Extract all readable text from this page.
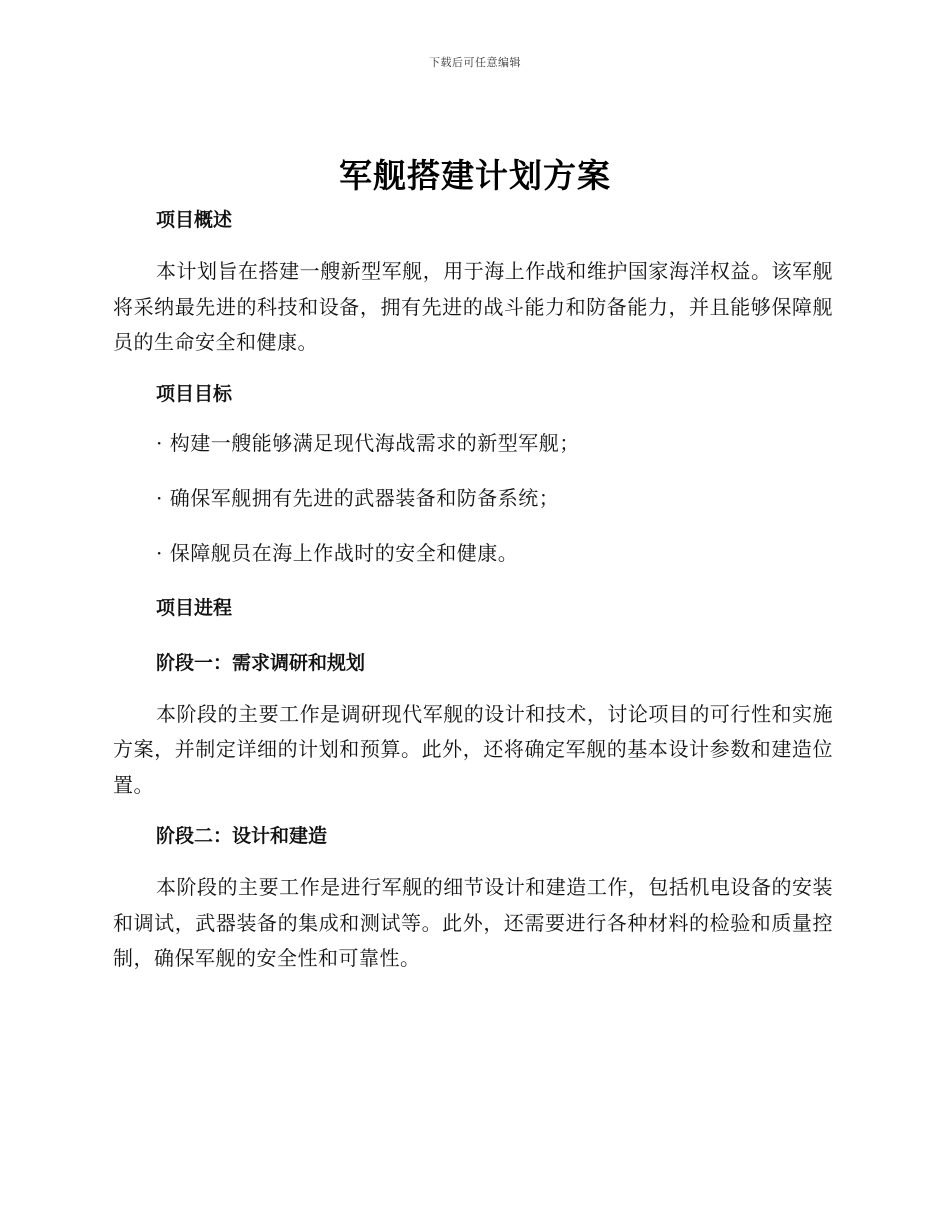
下载后可任意编辑
军舰搭建计划方案
项目概述
本计划旨在搭建一艘新型军舰，用于海上作战和维护国家海洋权益。该军舰将采纳最先进的科技和设备，拥有先进的战斗能力和防备能力，并且能够保障舰员的生命安全和健康。
项目目标
· 构建一艘能够满足现代海战需求的新型军舰；
· 确保军舰拥有先进的武器装备和防备系统；
· 保障舰员在海上作战时的安全和健康。
项目进程
阶段一：需求调研和规划
本阶段的主要工作是调研现代军舰的设计和技术，讨论项目的可行性和实施方案，并制定详细的计划和预算。此外，还将确定军舰的基本设计参数和建造位置。
阶段二：设计和建造
本阶段的主要工作是进行军舰的细节设计和建造工作，包括机电设备的安装和调试，武器装备的集成和测试等。此外，还需要进行各种材料的检验和质量控制，确保军舰的安全性和可靠性。
